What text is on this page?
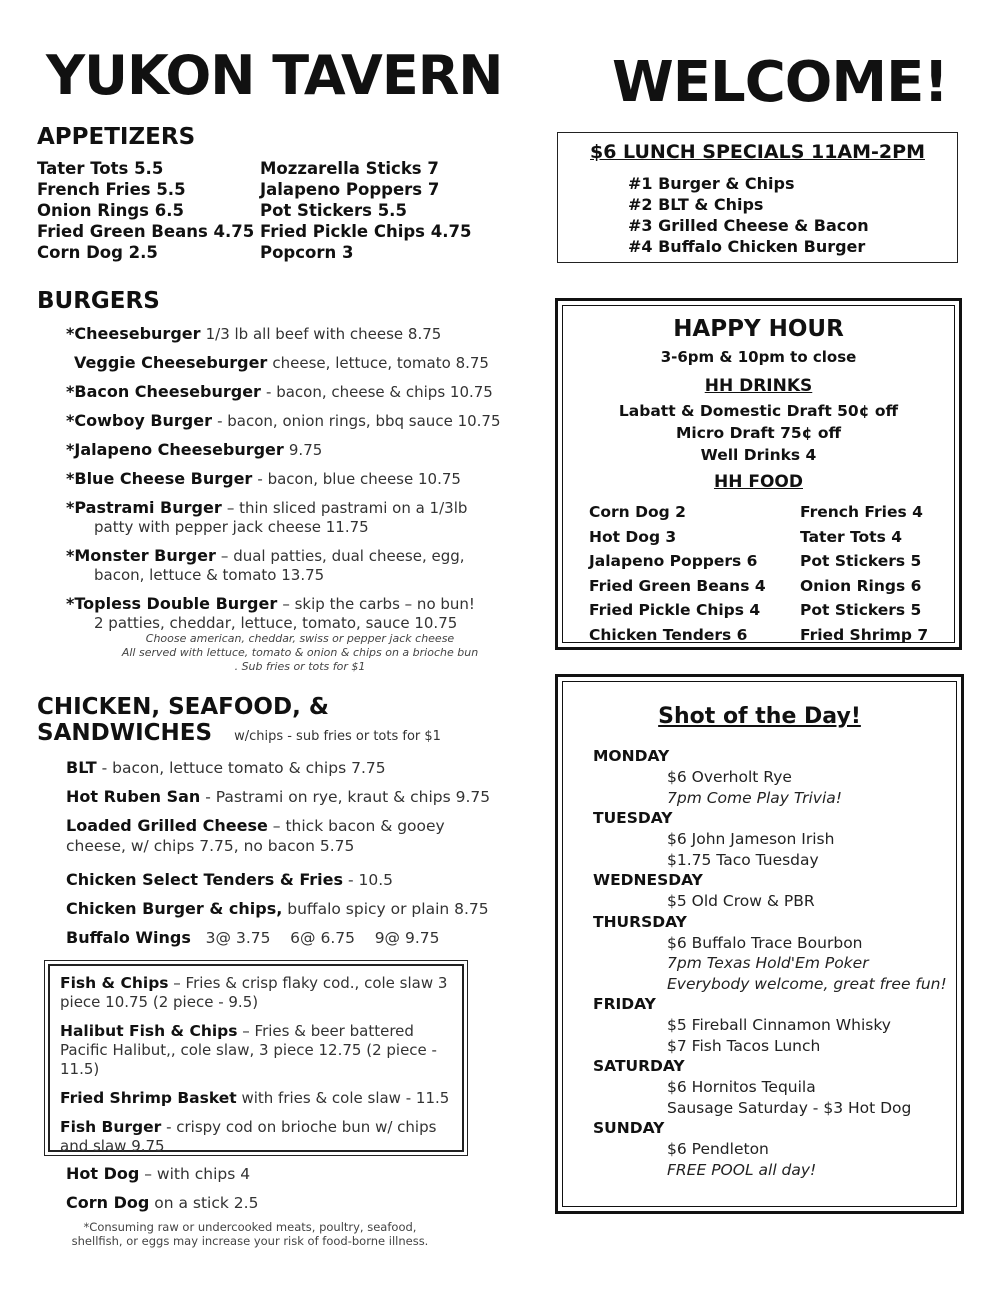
YUKON TAVERN WELCOME!
APPETIZERS
Tater Tots 5.5
French Fries 5.5
Onion Rings 6.5
Fried Green Beans 4.75
Corn Dog 2.5
Mozzarella Sticks 7
Jalapeno Poppers 7
Pot Stickers 5.5
Fried Pickle Chips 4.75
Popcorn 3
BURGERS
*Cheeseburger 1/3 lb all beef with cheese 8.75
Veggie Cheeseburger cheese, lettuce, tomato 8.75
*Bacon Cheeseburger - bacon, cheese & chips 10.75
*Cowboy Burger - bacon, onion rings, bbq sauce 10.75
*Jalapeno Cheeseburger 9.75
*Blue Cheese Burger - bacon, blue cheese 10.75
*Pastrami Burger – thin sliced pastrami on a 1/3lb
patty with pepper jack cheese 11.75
*Monster Burger – dual patties, dual cheese, egg,
bacon, lettuce & tomato 13.75
*Topless Double Burger – skip the carbs – no bun!
2 patties, cheddar, lettuce, tomato, sauce 10.75
Choose american, cheddar, swiss or pepper jack cheese
All served with lettuce, tomato & onion & chips on a brioche bun
. Sub fries or tots for $1
CHICKEN, SEAFOOD, &
SANDWICHES w/chips - sub fries or tots for $1
BLT - bacon, lettuce tomato & chips 7.75
Hot Ruben San - Pastrami on rye, kraut & chips 9.75
Loaded Grilled Cheese – thick bacon & gooey cheese, w/ chips 7.75, no bacon 5.75
Chicken Select Tenders & Fries - 10.5
Chicken Burger & chips, buffalo spicy or plain 8.75
Buffalo Wings   3@ 3.75    6@ 6.75    9@ 9.75
Fish & Chips – Fries & crisp flaky cod., cole slaw 3 piece 10.75 (2 piece - 9.5)
Halibut Fish & Chips – Fries & beer battered Pacific Halibut,, cole slaw, 3 piece 12.75 (2 piece - 11.5)
Fried Shrimp Basket with fries & cole slaw - 11.5
Fish Burger - crispy cod on brioche bun w/ chips and slaw 9.75
Hot Dog – with chips 4
Corn Dog on a stick 2.5
*Consuming raw or undercooked meats, poultry, seafood,
shellfish, or eggs may increase your risk of food-borne illness.
$6 LUNCH SPECIALS 11AM-2PM
#1 Burger & Chips
#2 BLT & Chips
#3 Grilled Cheese & Bacon
#4 Buffalo Chicken Burger
HAPPY HOUR
3-6pm & 10pm to close
HH DRINKS
Labatt & Domestic Draft 50¢ off
Micro Draft 75¢ off
Well Drinks 4
HH FOOD
Corn Dog 2
Hot Dog 3
Jalapeno Poppers 6
Fried Green Beans 4
Fried Pickle Chips 4
Chicken Tenders 6
French Fries 4
Tater Tots 4
Pot Stickers 5
Onion Rings 6
Pot Stickers 5
Fried Shrimp 7
Shot of the Day!
MONDAY
$6 Overholt Rye
7pm Come Play Trivia!
TUESDAY
$6 John Jameson Irish
$1.75 Taco Tuesday
WEDNESDAY
$5 Old Crow & PBR
THURSDAY
$6 Buffalo Trace Bourbon
7pm Texas Hold'Em Poker
Everybody welcome, great free fun!
FRIDAY
$5 Fireball Cinnamon Whisky
$7 Fish Tacos Lunch
SATURDAY
$6 Hornitos Tequila
Sausage Saturday - $3 Hot Dog
SUNDAY
$6 Pendleton
FREE POOL all day!
